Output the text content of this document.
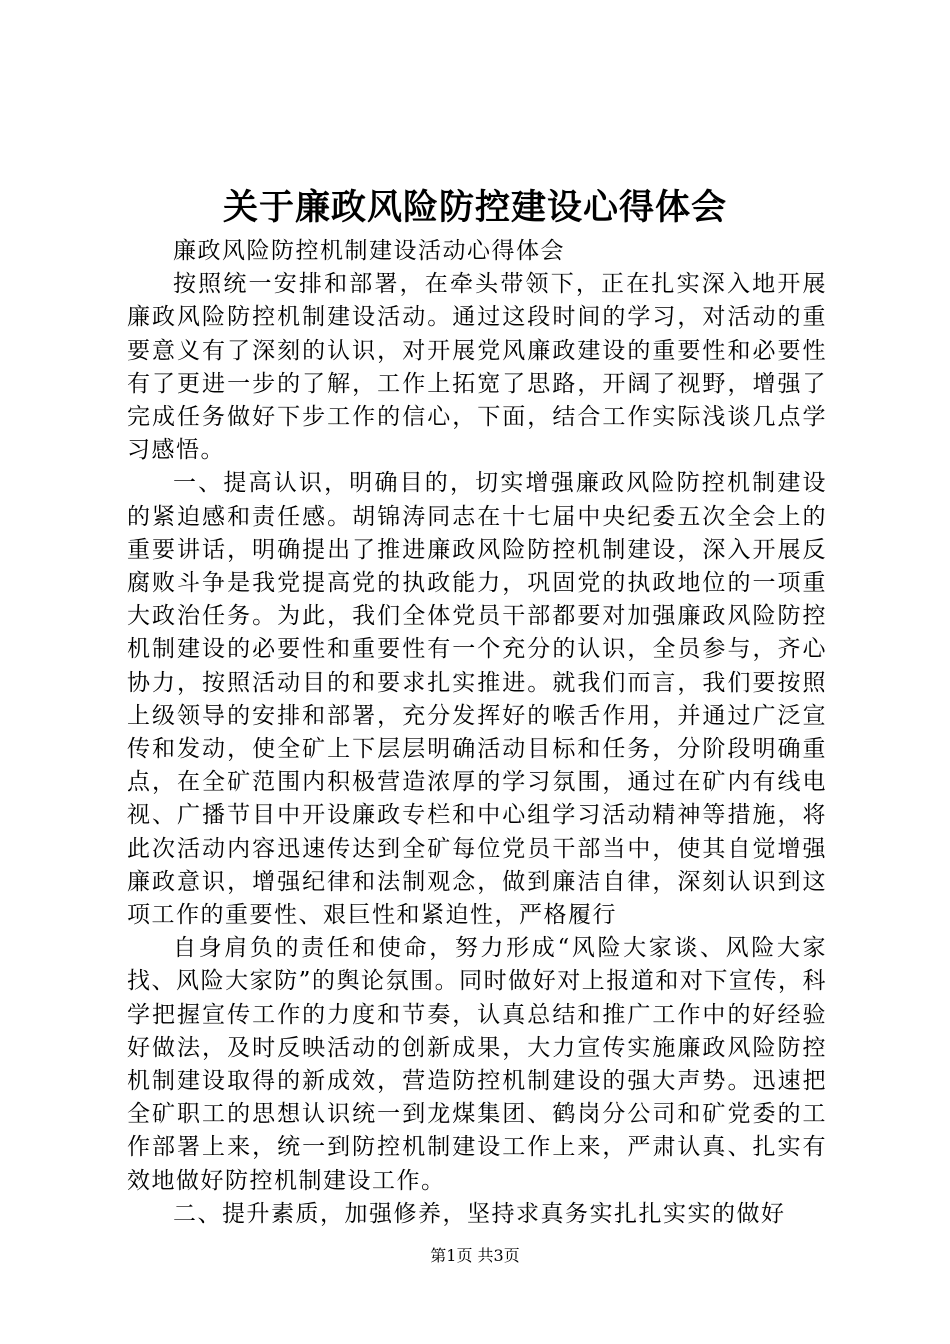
关于廉政风险防控建设心得体会

廉政风险防控机制建设活动心得体会

按照统一安排和部署，在牵头带领下，正在扎实深入地开展廉政风险防控机制建设活动。通过这段时间的学习，对活动的重要意义有了深刻的认识，对开展党风廉政建设的重要性和必要性有了更进一步的了解，工作上拓宽了思路，开阔了视野，增强了完成任务做好下步工作的信心，下面，结合工作实际浅谈几点学习感悟。

一、提高认识，明确目的，切实增强廉政风险防控机制建设的紧迫感和责任感。胡锦涛同志在十七届中央纪委五次全会上的重要讲话，明确提出了推进廉政风险防控机制建设，深入开展反腐败斗争是我党提高党的执政能力，巩固党的执政地位的一项重大政治任务。为此，我们全体党员干部都要对加强廉政风险防控机制建设的必要性和重要性有一个充分的认识，全员参与，齐心协力，按照活动目的和要求扎实推进。就我们而言，我们要按照上级领导的安排和部署，充分发挥好的喉舌作用，并通过广泛宣传和发动，使全矿上下层层明确活动目标和任务，分阶段明确重点，在全矿范围内积极营造浓厚的学习氛围，通过在矿内有线电视、广播节目中开设廉政专栏和中心组学习活动精神等措施，将此次活动内容迅速传达到全矿每位党员干部当中，使其自觉增强廉政意识，增强纪律和法制观念，做到廉洁自律，深刻认识到这项工作的重要性、艰巨性和紧迫性，严格履行

自身肩负的责任和使命，努力形成“风险大家谈、风险大家找、风险大家防”的舆论氛围。同时做好对上报道和对下宣传，科学把握宣传工作的力度和节奏，认真总结和推广工作中的好经验好做法，及时反映活动的创新成果，大力宣传实施廉政风险防控机制建设取得的新成效，营造防控机制建设的强大声势。迅速把全矿职工的思想认识统一到龙煤集团、鹤岗分公司和矿党委的工作部署上来，统一到防控机制建设工作上来，严肃认真、扎实有效地做好防控机制建设工作。

二、提升素质，加强修养，坚持求真务实扎扎实实的做好

第1页 共3页
